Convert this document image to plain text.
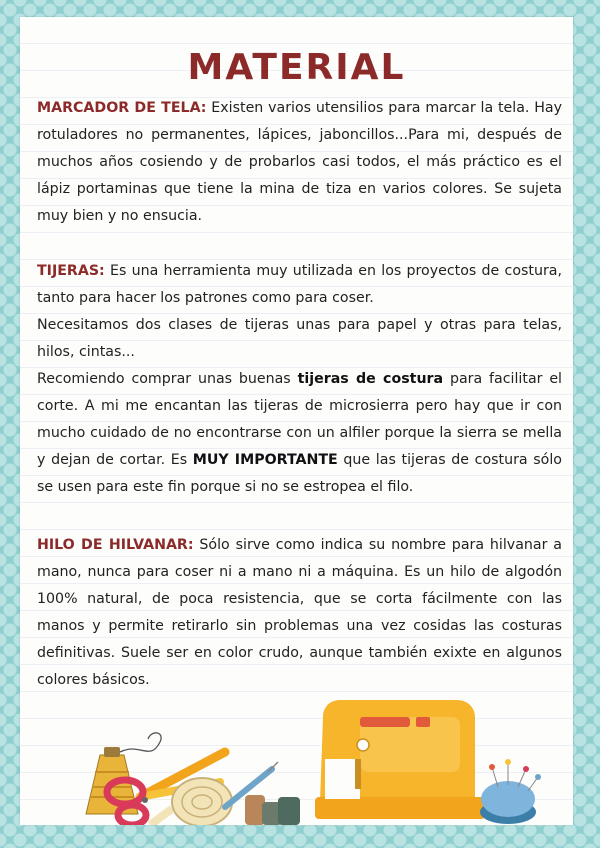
MATERIAL

MARCADOR DE TELA: Existen varios utensilios para marcar la tela. Hay rotuladores no permanentes, lápices, jaboncillos...Para mi, después de muchos años cosiendo y de probarlos casi todos, el más práctico es el lápiz portaminas que tiene la mina de tiza en varios colores. Se sujeta muy bien y no ensucia.

TIJERAS: Es una herramienta muy utilizada en los proyectos de costura, tanto para hacer los patrones como para coser.
Necesitamos dos clases de tijeras unas para papel y otras para telas, hilos, cintas...
Recomiendo comprar unas buenas tijeras de costura para facilitar el corte. A mi me encantan las tijeras de microsierra pero hay que ir con mucho cuidado de no encontrarse con un alfiler porque la sierra se mella y dejan de cortar. Es MUY IMPORTANTE que las tijeras de costura sólo se usen para este fin porque si no se estropea el filo.

HILO DE HILVANAR: Sólo sirve como indica su nombre para hilvanar a mano, nunca para coser ni a mano ni a máquina. Es un hilo de algodón 100% natural, de poca resistencia, que se corta fácilmente con las manos y permite retirarlo sin problemas una vez cosidas las costuras definitivas. Suele ser en color crudo, aunque también exixte en algunos colores básicos.
